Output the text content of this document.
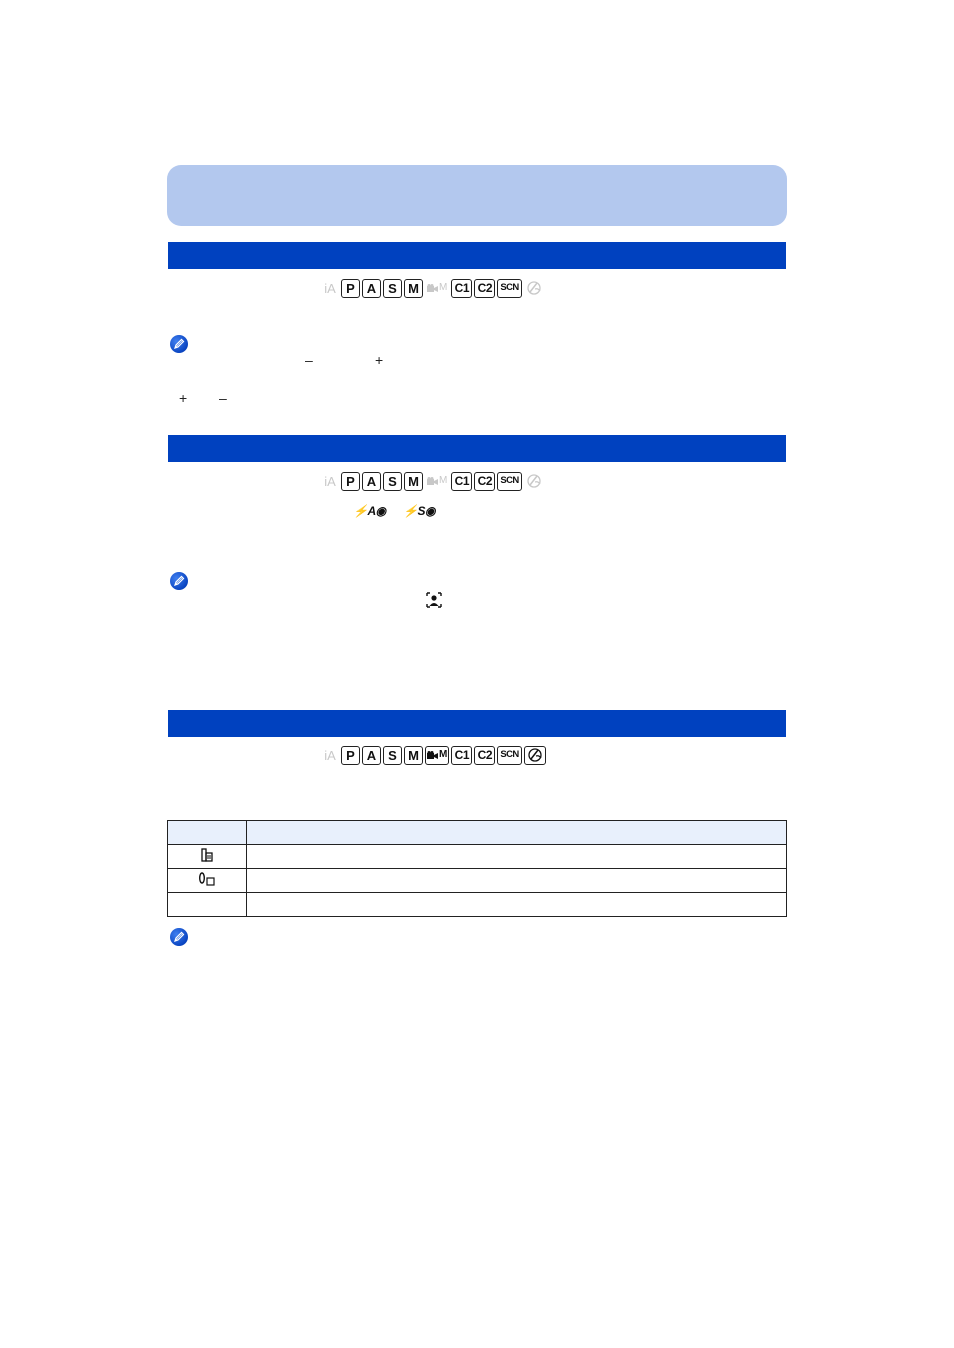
iA P A S M	M C1 C2 SCN
–	+
+ –
iA P A S M	M C1 C2 SCN
⚡A◉ ⚡S◉
iA P A S M	M C1 C2 SCN
